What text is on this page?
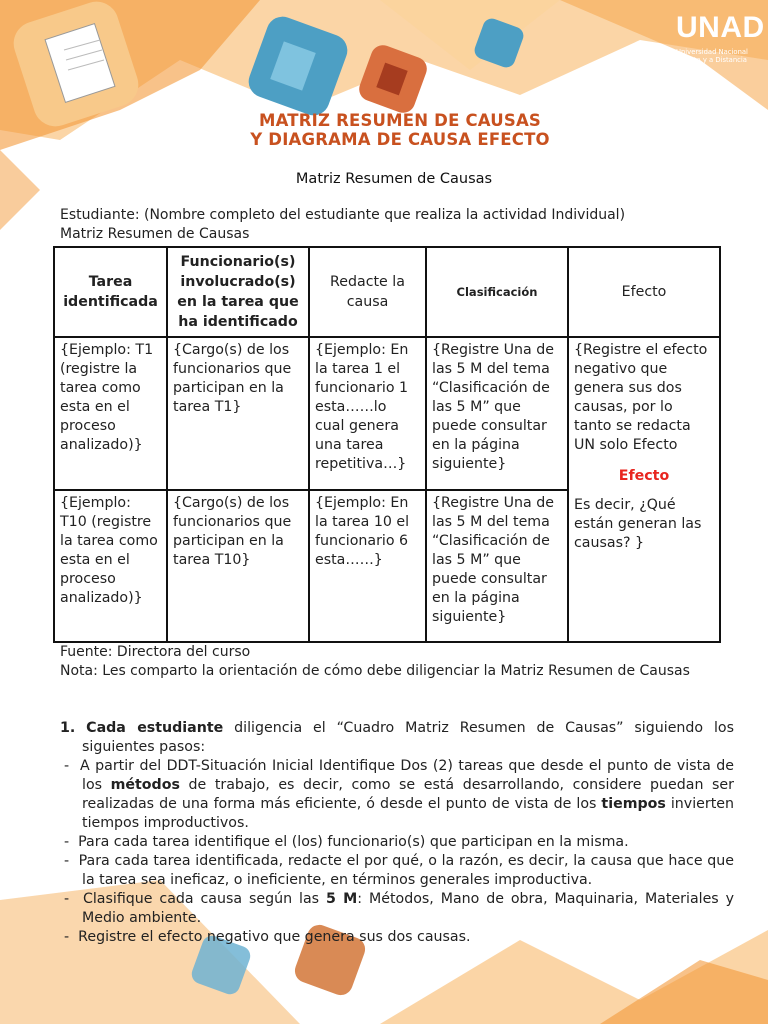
UNAD
Universidad Nacional
Abierta y a Distancia
MATRIZ RESUMEN DE CAUSAS
Y DIAGRAMA DE CAUSA EFECTO
Matriz Resumen de Causas
Estudiante: (Nombre completo del estudiante que realiza la actividad Individual)
Matriz Resumen de Causas
Tarea identificada	Funcionario(s) involucrado(s) en la tarea que ha identificado	Redacte la causa	Clasificación	Efecto
{Ejemplo: T1 (registre la tarea como esta en el proceso analizado)}	{Cargo(s) de los funcionarios que participan en la tarea T1}	{Ejemplo: En la tarea 1 el funcionario 1 esta……lo cual genera una tarea repetitiva…}	{Registre Una de las 5 M del tema “Clasificación de las 5 M” que puede consultar en la página siguiente}	{Registre el efecto negativo que genera sus dos causas, por lo tanto se redacta UN solo Efecto
Efecto
Es decir, ¿Qué están generan las causas? }
{Ejemplo: T10 (registre la tarea como esta en el proceso analizado)}	{Cargo(s) de los funcionarios que participan en la tarea T10}	{Ejemplo: En la tarea 10 el funcionario 6 esta……}	{Registre Una de las 5 M del tema “Clasificación de las 5 M” que puede consultar en la página siguiente}	
Fuente: Directora del curso
Nota: Les comparto la orientación de cómo debe diligenciar la Matriz Resumen de Causas

1. Cada estudiante diligencia el “Cuadro Matriz Resumen de Causas” siguiendo los siguientes pasos:

-  A partir del DDT-Situación Inicial Identifique Dos (2) tareas que desde el punto de vista de los métodos de trabajo, es decir, como se está desarrollando, considere puedan ser realizadas de una forma más eficiente, ó desde el punto de vista de los tiempos invierten tiempos improductivos.

-  Para cada tarea identifique el (los) funcionario(s) que participan en la misma.

-  Para cada tarea identificada, redacte el por qué, o la razón, es decir, la causa que hace que la tarea sea ineficaz, o ineficiente, en términos generales improductiva.

-  Clasifique cada causa según las 5 M: Métodos, Mano de obra, Maquinaria, Materiales y Medio ambiente.

-  Registre el efecto negativo que genera sus dos causas.
